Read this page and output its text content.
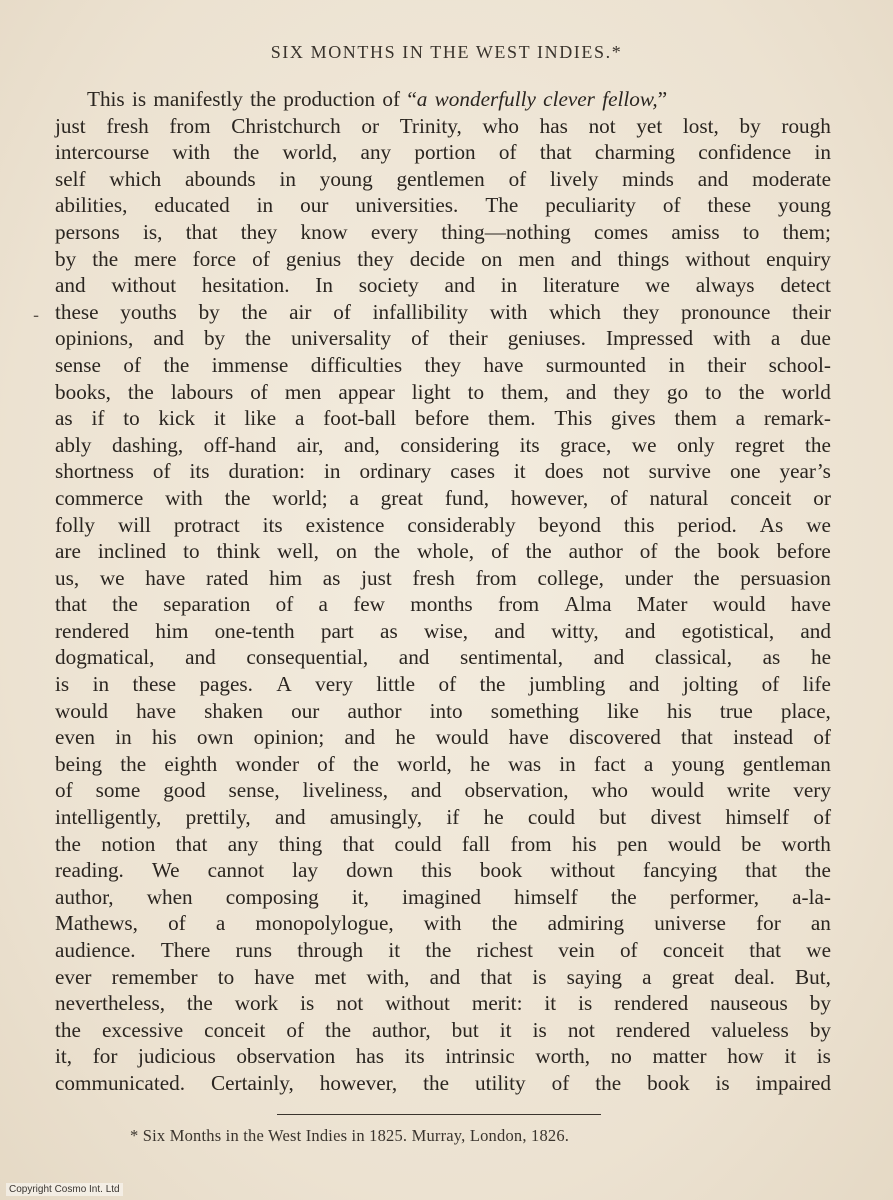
SIX MONTHS IN THE WEST INDIES.*
-
This is manifestly the production of “a wonderfully clever fellow,”
just fresh from Christchurch or Trinity, who has not yet lost, by rough
intercourse with the world, any portion of that charming confidence in
self which abounds in young gentlemen of lively minds and moderate
abilities, educated in our universities. The peculiarity of these young
persons is, that they know every thing—nothing comes amiss to them;
by the mere force of genius they decide on men and things without enquiry
and without hesitation. In society and in literature we always detect
these youths by the air of infallibility with which they pronounce their
opinions, and by the universality of their geniuses. Impressed with a due
sense of the immense difficulties they have surmounted in their school-
books, the labours of men appear light to them, and they go to the world
as if to kick it like a foot-ball before them. This gives them a remark-
ably dashing, off-hand air, and, considering its grace, we only regret the
shortness of its duration: in ordinary cases it does not survive one year’s
commerce with the world; a great fund, however, of natural conceit or
folly will protract its existence considerably beyond this period. As we
are inclined to think well, on the whole, of the author of the book before
us, we have rated him as just fresh from college, under the persuasion
that the separation of a few months from Alma Mater would have
rendered him one-tenth part as wise, and witty, and egotistical, and
dogmatical, and consequential, and sentimental, and classical, as he
is in these pages. A very little of the jumbling and jolting of life
would have shaken our author into something like his true place,
even in his own opinion; and he would have discovered that instead of
being the eighth wonder of the world, he was in fact a young gentleman
of some good sense, liveliness, and observation, who would write very
intelligently, prettily, and amusingly, if he could but divest himself of
the notion that any thing that could fall from his pen would be worth
reading. We cannot lay down this book without fancying that the
author, when composing it, imagined himself the performer, a-la-
Mathews, of a monopolylogue, with the admiring universe for an
audience. There runs through it the richest vein of conceit that we
ever remember to have met with, and that is saying a great deal. But,
nevertheless, the work is not without merit: it is rendered nauseous by
the excessive conceit of the author, but it is not rendered valueless by
it, for judicious observation has its intrinsic worth, no matter how it is
communicated. Certainly, however, the utility of the book is impaired
* Six Months in the West Indies in 1825. Murray, London, 1826.
Copyright Cosmo Int. Ltd
